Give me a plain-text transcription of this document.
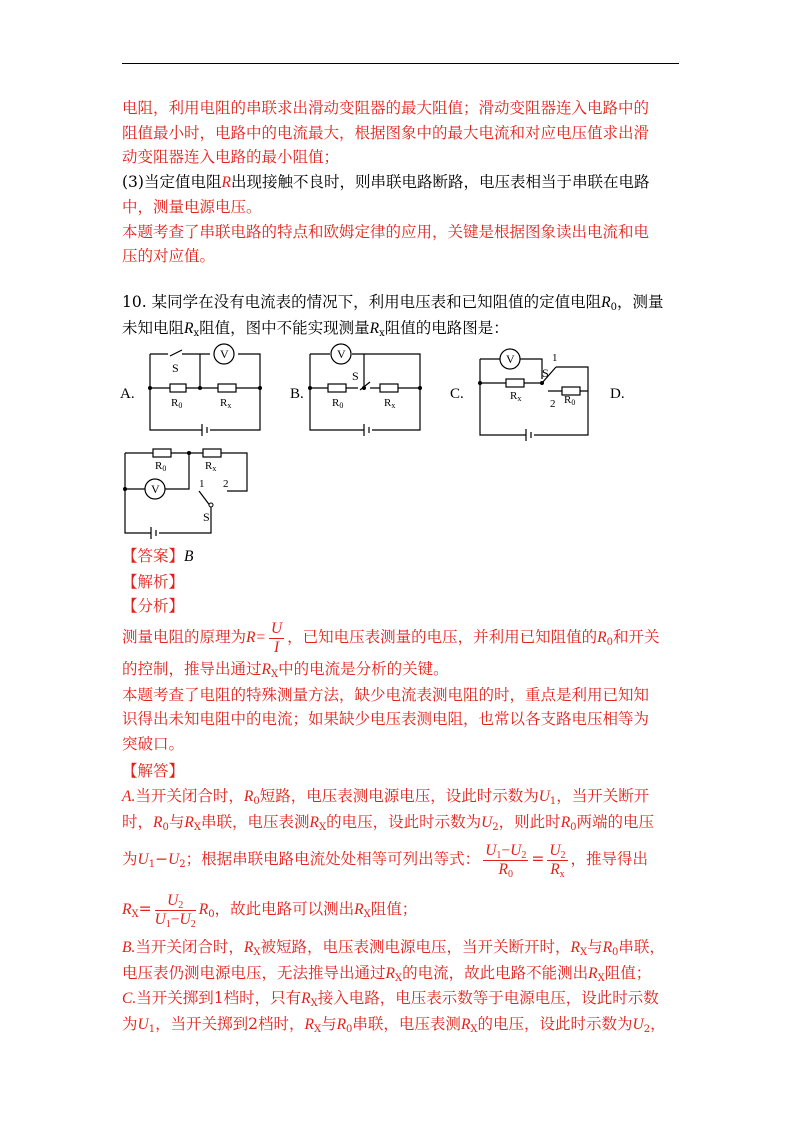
电阻，利用电阻的串联求出滑动变阻器的最大阻值；滑动变阻器连入电路中的

阻值最小时，电路中的电流最大，根据图象中的最大电流和对应电压值求出滑

动变阻器连入电路的最小阻值；

(3)当定值电阻R出现接触不良时，则串联电路断路，电压表相当于串联在电路

中，测量电源电压。

本题考查了串联电路的特点和欧姆定律的应用，关键是根据图象读出电流和电

压的对应值。

10. 某同学在没有电流表的情况下，利用电压表和已知阻值的定值电阻$R_0$，测量

未知电阻$R_x$阻值，图中不能实现测量$R_x$阻值的电路图是：

A.	B.	C.	D.
V
S
R0	Rx
V
S
R0	Rx
V	1
S
2
Rx	R0
V
R0	Rx
1 2
S

【答案】B

【解析】

【分析】

测量电阻的原理为$R= \frac{U}{I}$ ，已知电压表测量的电压，并利用已知阻值的$R_0$和开关

的控制，推导出通过$R_X$中的电流是分析的关键。

本题考查了电阻的特殊测量方法，缺少电流表测电阻的时，重点是利用已知知

识得出未知电阻中的电流；如果缺少电压表测电阻，也常以各支路电压相等为

突破口。

【解答】

A.当开关闭合时，$R_0$短路，电压表测电源电压，设此时示数为$U_1$，当开关断开

时，$R_0$与$R_X$串联，电压表测$R_X$的电压，设此时示数为$U_2$，则此时$R_0$两端的电压

为$U_1-U_2$；根据串联电路电流处处相等可列出等式： $\frac{U_1-U_2}{R_0} = \frac{U_2}{R_x}$ ，推导得出

$R_X= \frac{U_2}{U_1-U_2} R_0$，故此电路可以测出$R_X$阻值；

B.当开关闭合时，$R_X$被短路，电压表测电源电压，当开关断开时，$R_X$与$R_0$串联，

电压表仍测电源电压，无法推导出通过$R_X$的电流，故此电路不能测出$R_X$阻值；

C.当开关掷到1档时，只有$R_X$接入电路，电压表示数等于电源电压，设此时示数

为$U_1$，当开关掷到2档时，$R_X$与$R_0$串联，电压表测$R_X$的电压，设此时示数为$U_2$，
